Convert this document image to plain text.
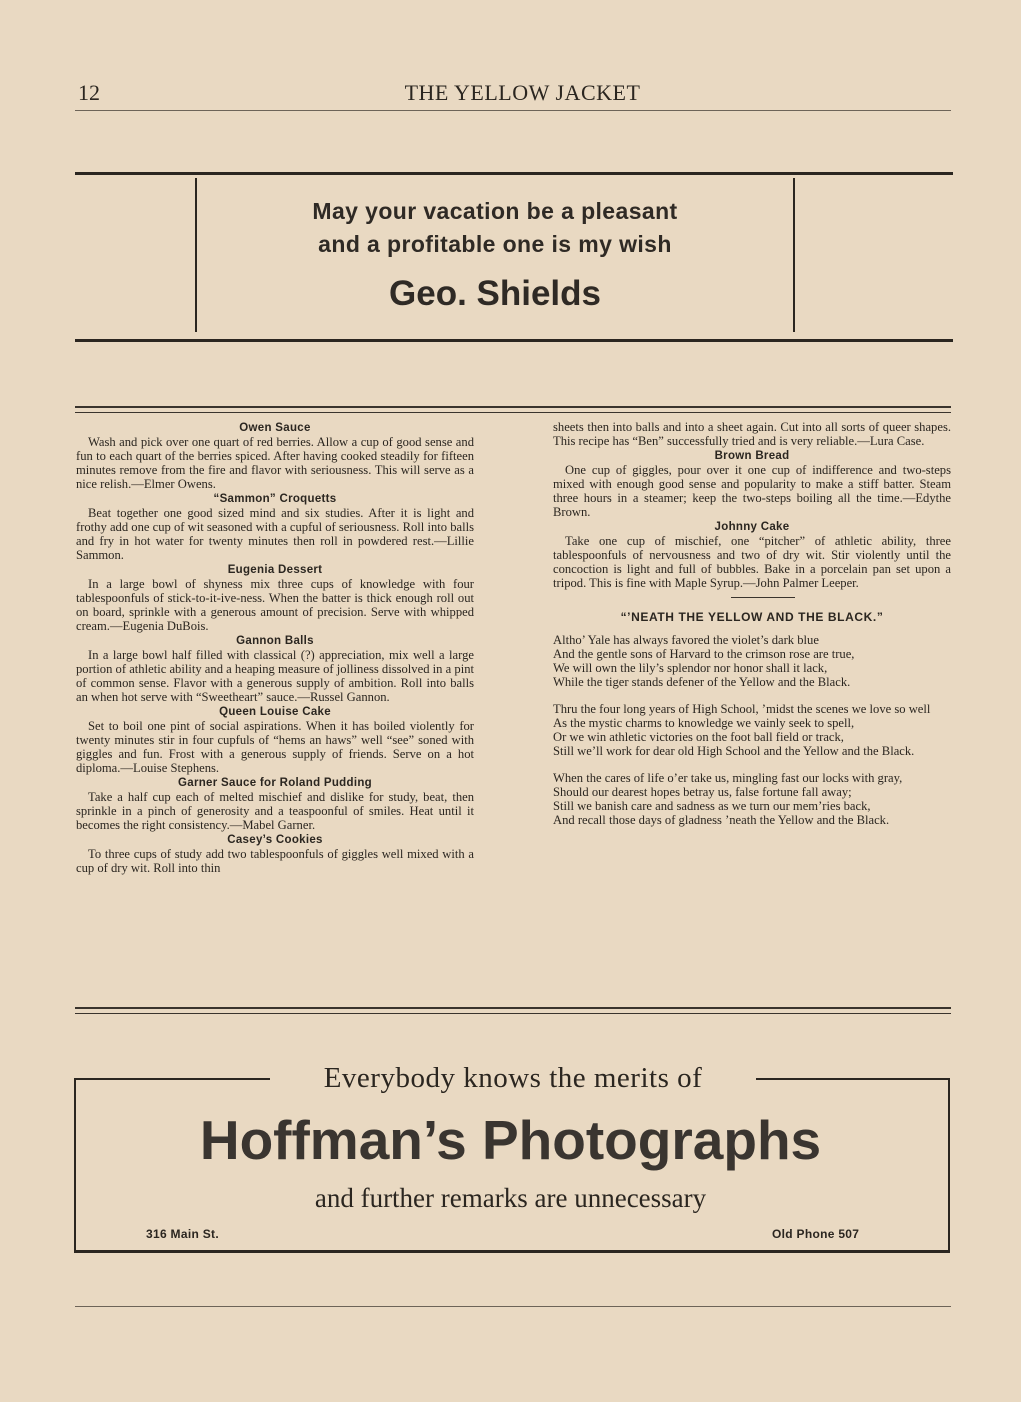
12	THE YELLOW JACKET
May your vacation be a pleasant
and a profitable one is my wish
Geo. Shields
Owen Sauce

Wash and pick over one quart of red berries. Allow a cup of good sense and fun to each quart of the berries spiced. After having cooked steadily for fifteen minutes remove from the fire and flavor with seriousness. This will serve as a nice relish.—Elmer Owens.

“Sammon” Croquetts

Beat together one good sized mind and six studies. After it is light and frothy add one cup of wit seasoned with a cupful of seriousness. Roll into balls and fry in hot water for twenty minutes then roll in powdered rest.—Lillie Sammon.

Eugenia Dessert

In a large bowl of shyness mix three cups of knowledge with four tablespoonfuls of stick-to-it-ive-ness. When the batter is thick enough roll out on board, sprinkle with a generous amount of precision. Serve with whipped cream.—Eugenia DuBois.

Gannon Balls

In a large bowl half filled with classical (?) appreciation, mix well a large portion of athletic ability and a heaping measure of jolliness dissolved in a pint of common sense. Flavor with a generous supply of ambition. Roll into balls an when hot serve with “Sweetheart” sauce.—Russel Gannon.

Queen Louise Cake

Set to boil one pint of social aspirations. When it has boiled violently for twenty minutes stir in four cupfuls of “hems an haws” well “see” soned with giggles and fun. Frost with a generous supply of friends. Serve on a hot diploma.—Louise Stephens.

Garner Sauce for Roland Pudding

Take a half cup each of melted mischief and dislike for study, beat, then sprinkle in a pinch of generosity and a teaspoonful of smiles. Heat until it becomes the right consistency.—Mabel Garner.

Casey’s Cookies

To three cups of study add two tablespoonfuls of giggles well mixed with a cup of dry wit. Roll into thin

sheets then into balls and into a sheet again. Cut into all sorts of queer shapes. This recipe has “Ben” successfully tried and is very reliable.—Lura Case.

Brown Bread

One cup of giggles, pour over it one cup of indifference and two-steps mixed with enough good sense and popularity to make a stiff batter. Steam three hours in a steamer; keep the two-steps boiling all the time.—Edythe Brown.

Johnny Cake

Take one cup of mischief, one “pitcher” of athletic ability, three tablespoonfuls of nervousness and two of dry wit. Stir violently until the concoction is light and full of bubbles. Bake in a porcelain pan set upon a tripod. This is fine with Maple Syrup.—John Palmer Leeper.

“’NEATH THE YELLOW AND THE BLACK.”
Altho’ Yale has always favored the violet’s dark blue
And the gentle sons of Harvard to the crimson rose are true,
We will own the lily’s splendor nor honor shall it lack,
While the tiger stands defener of the Yellow and the Black.
Thru the four long years of High School, ’midst the scenes we love so well
As the mystic charms to knowledge we vainly seek to spell,
Or we win athletic victories on the foot ball field or track,
Still we’ll work for dear old High School and the Yellow and the Black.
When the cares of life o’er take us, mingling fast our locks with gray,
Should our dearest hopes betray us, false fortune fall away;
Still we banish care and sadness as we turn our mem’ries back,
And recall those days of gladness ’neath the Yellow and the Black.
Everybody knows the merits of
Hoffman’s Photographs
and further remarks are unnecessary
316 Main St.	Old Phone 507
